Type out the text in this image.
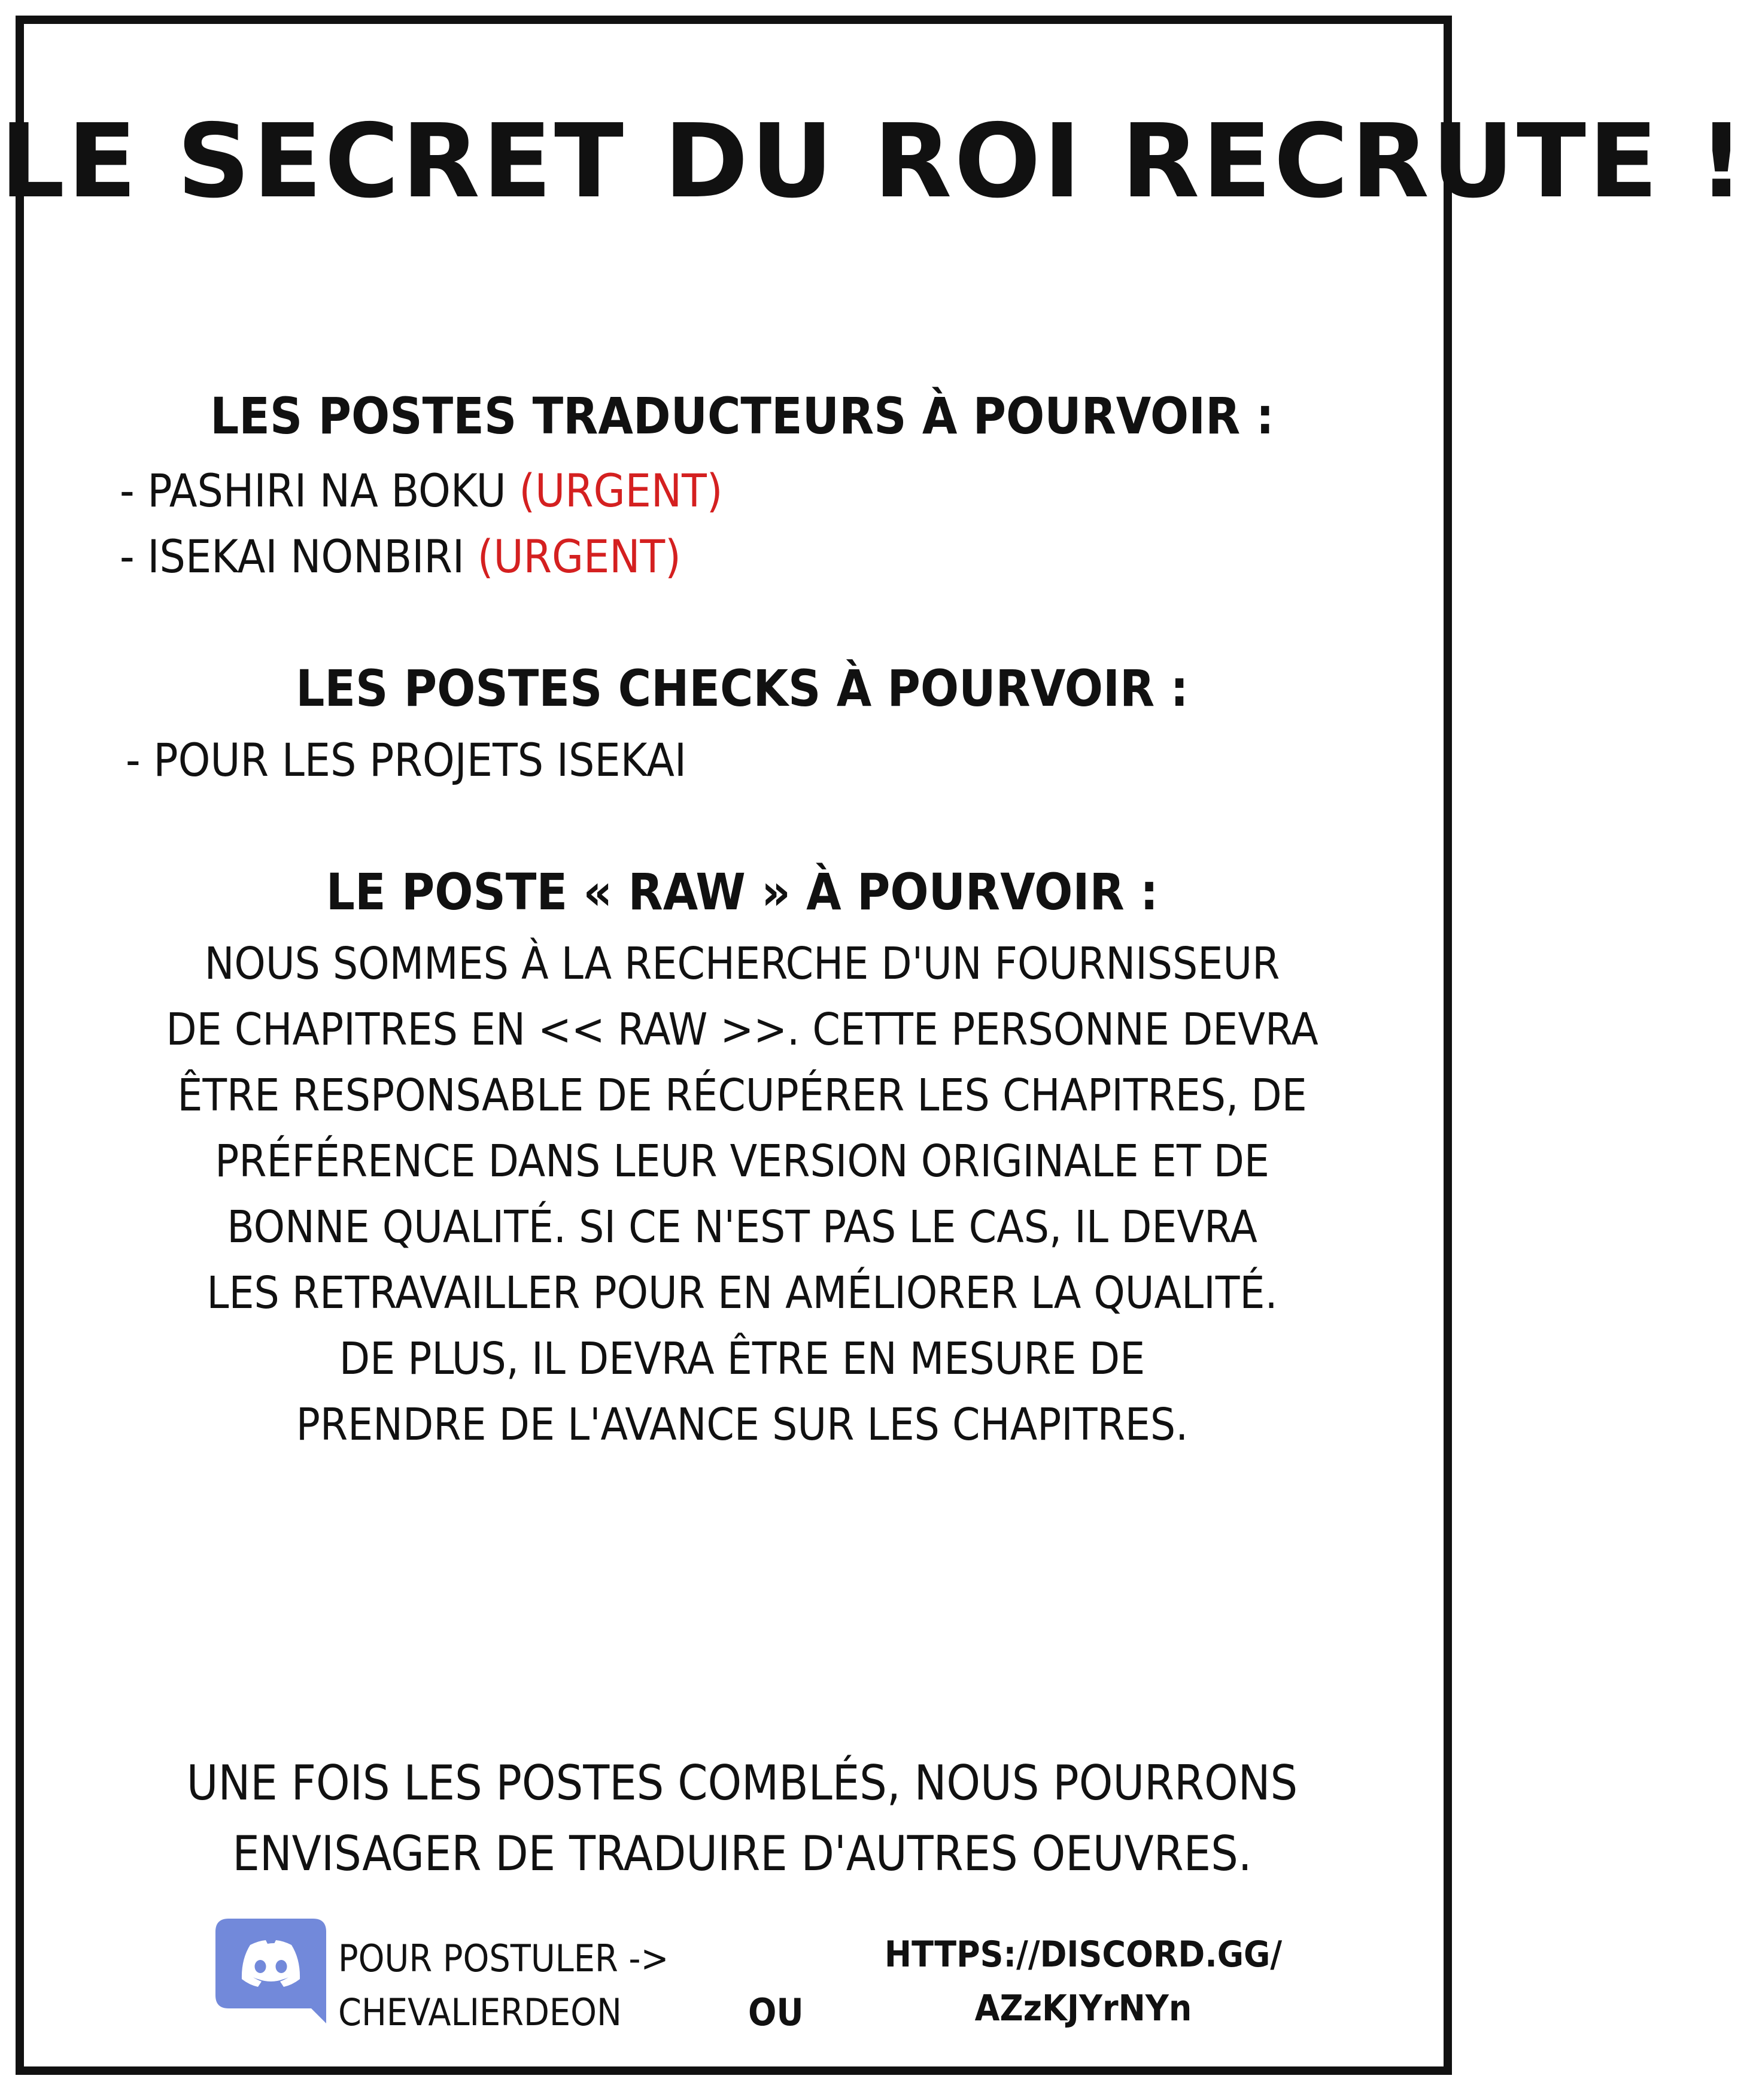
LE SECRET DU ROI RECRUTE !
LES POSTES TRADUCTEURS À POURVOIR :
- PASHIRI NA BOKU (URGENT)
- ISEKAI NONBIRI (URGENT)
LES POSTES CHECKS À POURVOIR :
- POUR LES PROJETS ISEKAI
LE POSTE « RAW » À POURVOIR :
NOUS SOMMES À LA RECHERCHE D'UN FOURNISSEUR
DE CHAPITRES EN << RAW >>. CETTE PERSONNE DEVRA
ÊTRE RESPONSABLE DE RÉCUPÉRER LES CHAPITRES, DE
PRÉFÉRENCE DANS LEUR VERSION ORIGINALE ET DE
BONNE QUALITÉ. SI CE N'EST PAS LE CAS, IL DEVRA
LES RETRAVAILLER POUR EN AMÉLIORER LA QUALITÉ.
DE PLUS, IL DEVRA ÊTRE EN MESURE DE
PRENDRE DE L'AVANCE SUR LES CHAPITRES.
UNE FOIS LES POSTES COMBLÉS, NOUS POURRONS
ENVISAGER DE TRADUIRE D'AUTRES OEUVRES.
POUR POSTULER ->
CHEVALIERDEON	OU
HTTPS://DISCORD.GG/
AZzKJYrNYn
